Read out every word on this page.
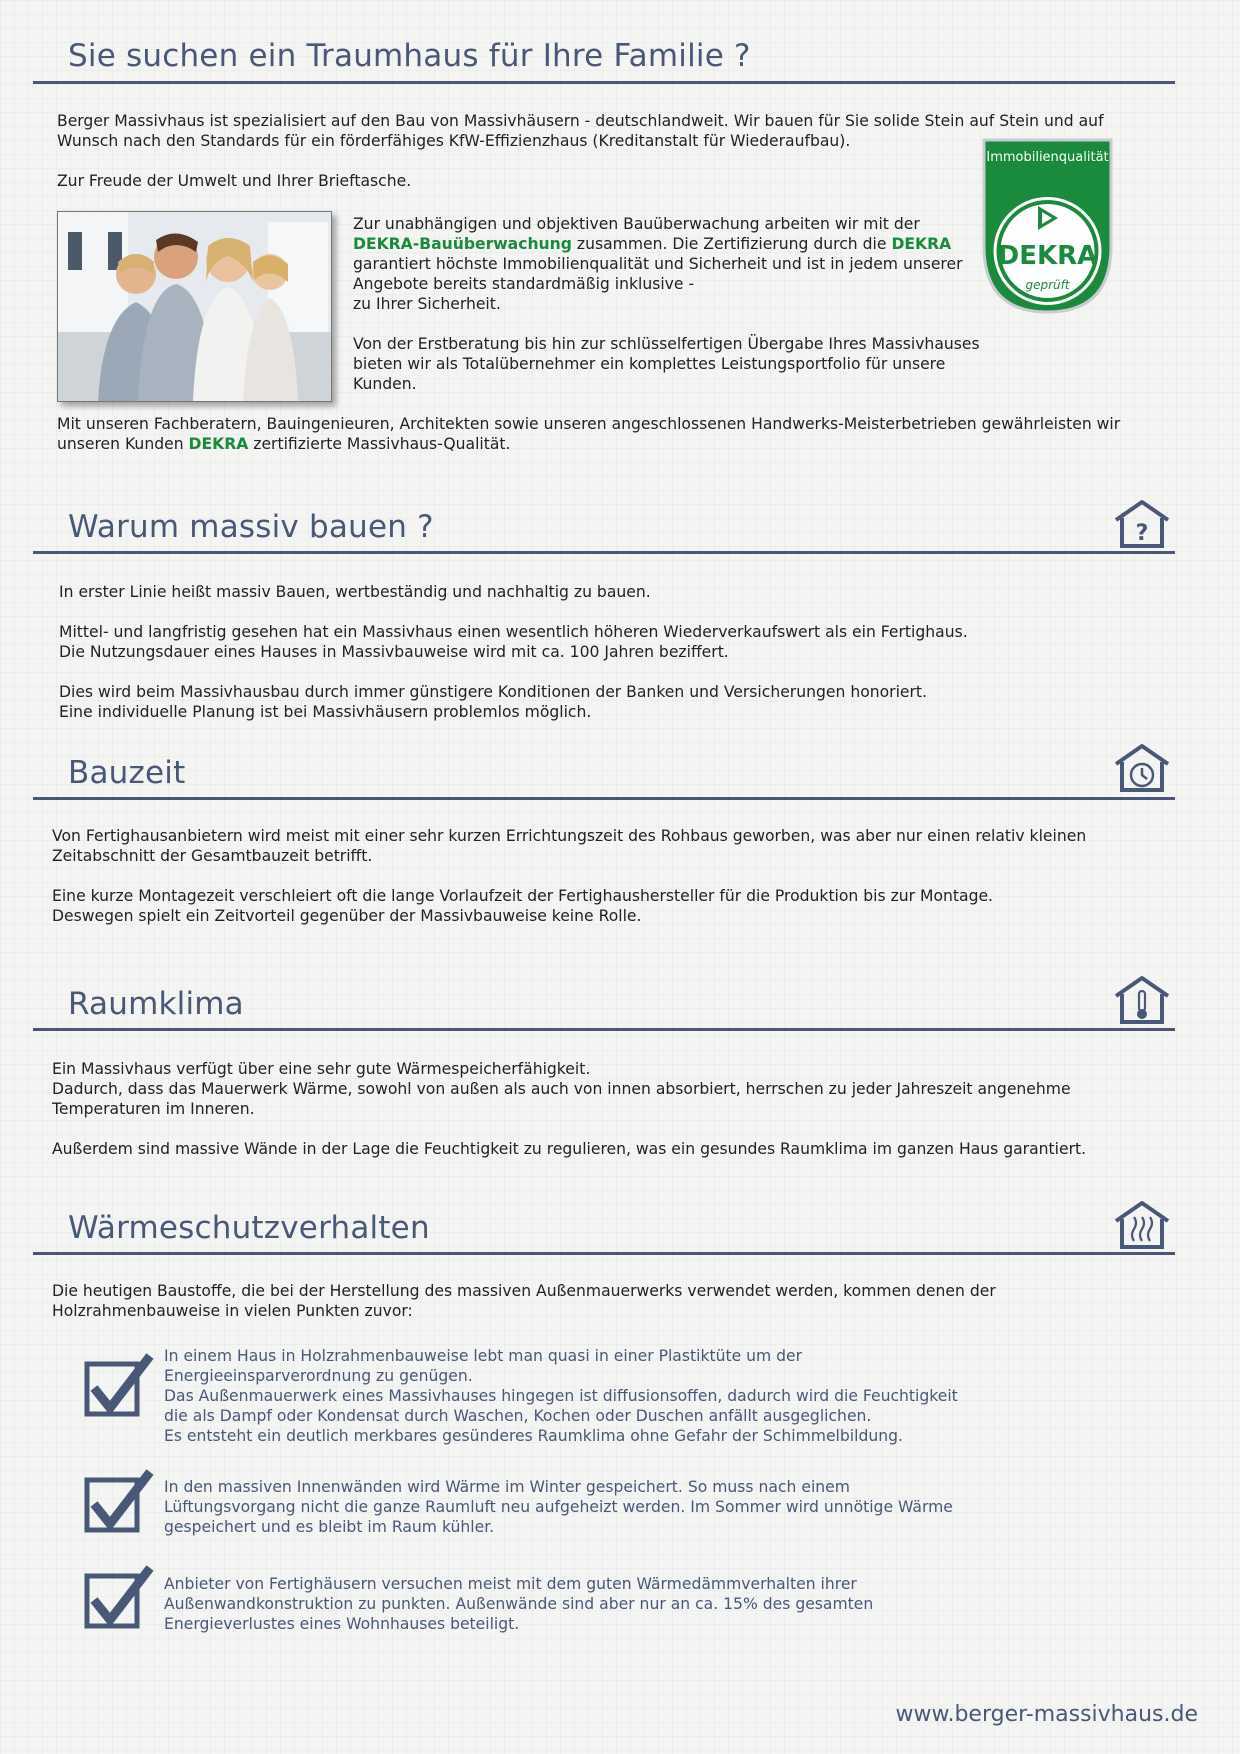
Sie suchen ein Traumhaus für Ihre Familie ?

Berger Massivhaus ist spezialisiert auf den Bau von Massivhäusern - deutschlandweit. Wir bauen für Sie solide Stein auf Stein und auf

Wunsch nach den Standards für ein förderfähiges KfW-Effizienzhaus (Kreditanstalt für Wiederaufbau).

Zur Freude der Umwelt und Ihrer Brieftasche.

Zur unabhängigen und objektiven Bauüberwachung arbeiten wir mit der

DEKRA-Bauüberwachung zusammen. Die Zertifizierung durch die DEKRA

garantiert höchste Immobilienqualität und Sicherheit und ist in jedem unserer

Angebote bereits standardmäßig inklusive -

zu Ihrer Sicherheit.

Von der Erstberatung bis hin zur schlüsselfertigen Übergabe Ihres Massivhauses

bieten wir als Totalübernehmer ein komplettes Leistungsportfolio für unsere

Kunden.

Immobilienqualität
DEKRA
geprüft

Mit unseren Fachberatern, Bauingenieuren, Architekten sowie unseren angeschlossenen Handwerks-Meisterbetrieben gewährleisten wir

unseren Kunden DEKRA zertifizierte Massivhaus-Qualität.

Warum massiv bauen ?	?

In erster Linie heißt massiv Bauen, wertbeständig und nachhaltig zu bauen.

Mittel- und langfristig gesehen hat ein Massivhaus einen wesentlich höheren Wiederverkaufswert als ein Fertighaus.

Die Nutzungsdauer eines Hauses in Massivbauweise wird mit ca. 100 Jahren beziffert.

Dies wird beim Massivhausbau durch immer günstigere Konditionen der Banken und Versicherungen honoriert.

Eine individuelle Planung ist bei Massivhäusern problemlos möglich.

Bauzeit

Von Fertighausanbietern wird meist mit einer sehr kurzen Errichtungszeit des Rohbaus geworben, was aber nur einen relativ kleinen

Zeitabschnitt der Gesamtbauzeit betrifft.

Eine kurze Montagezeit verschleiert oft die lange Vorlaufzeit der Fertighaushersteller für die Produktion bis zur Montage.

Deswegen spielt ein Zeitvorteil gegenüber der Massivbauweise keine Rolle.

Raumklima

Ein Massivhaus verfügt über eine sehr gute Wärmespeicherfähigkeit.

Dadurch, dass das Mauerwerk Wärme, sowohl von außen als auch von innen absorbiert, herrschen zu jeder Jahreszeit angenehme

Temperaturen im Inneren.

Außerdem sind massive Wände in der Lage die Feuchtigkeit zu regulieren, was ein gesundes Raumklima im ganzen Haus garantiert.

Wärmeschutzverhalten

Die heutigen Baustoffe, die bei der Herstellung des massiven Außenmauerwerks verwendet werden, kommen denen der

Holzrahmenbauweise in vielen Punkten zuvor:

In einem Haus in Holzrahmenbauweise lebt man quasi in einer Plastiktüte um der

Energieeinsparverordnung zu genügen.

Das Außenmauerwerk eines Massivhauses hingegen ist diffusionsoffen, dadurch wird die Feuchtigkeit

die als Dampf oder Kondensat durch Waschen, Kochen oder Duschen anfällt ausgeglichen.

Es entsteht ein deutlich merkbares gesünderes Raumklima ohne Gefahr der Schimmelbildung.

In den massiven Innenwänden wird Wärme im Winter gespeichert. So muss nach einem

Lüftungsvorgang nicht die ganze Raumluft neu aufgeheizt werden. Im Sommer wird unnötige Wärme

gespeichert und es bleibt im Raum kühler.

Anbieter von Fertighäusern versuchen meist mit dem guten Wärmedämmverhalten ihrer

Außenwandkonstruktion zu punkten. Außenwände sind aber nur an ca. 15% des gesamten

Energieverlustes eines Wohnhauses beteiligt.

www.berger-massivhaus.de
